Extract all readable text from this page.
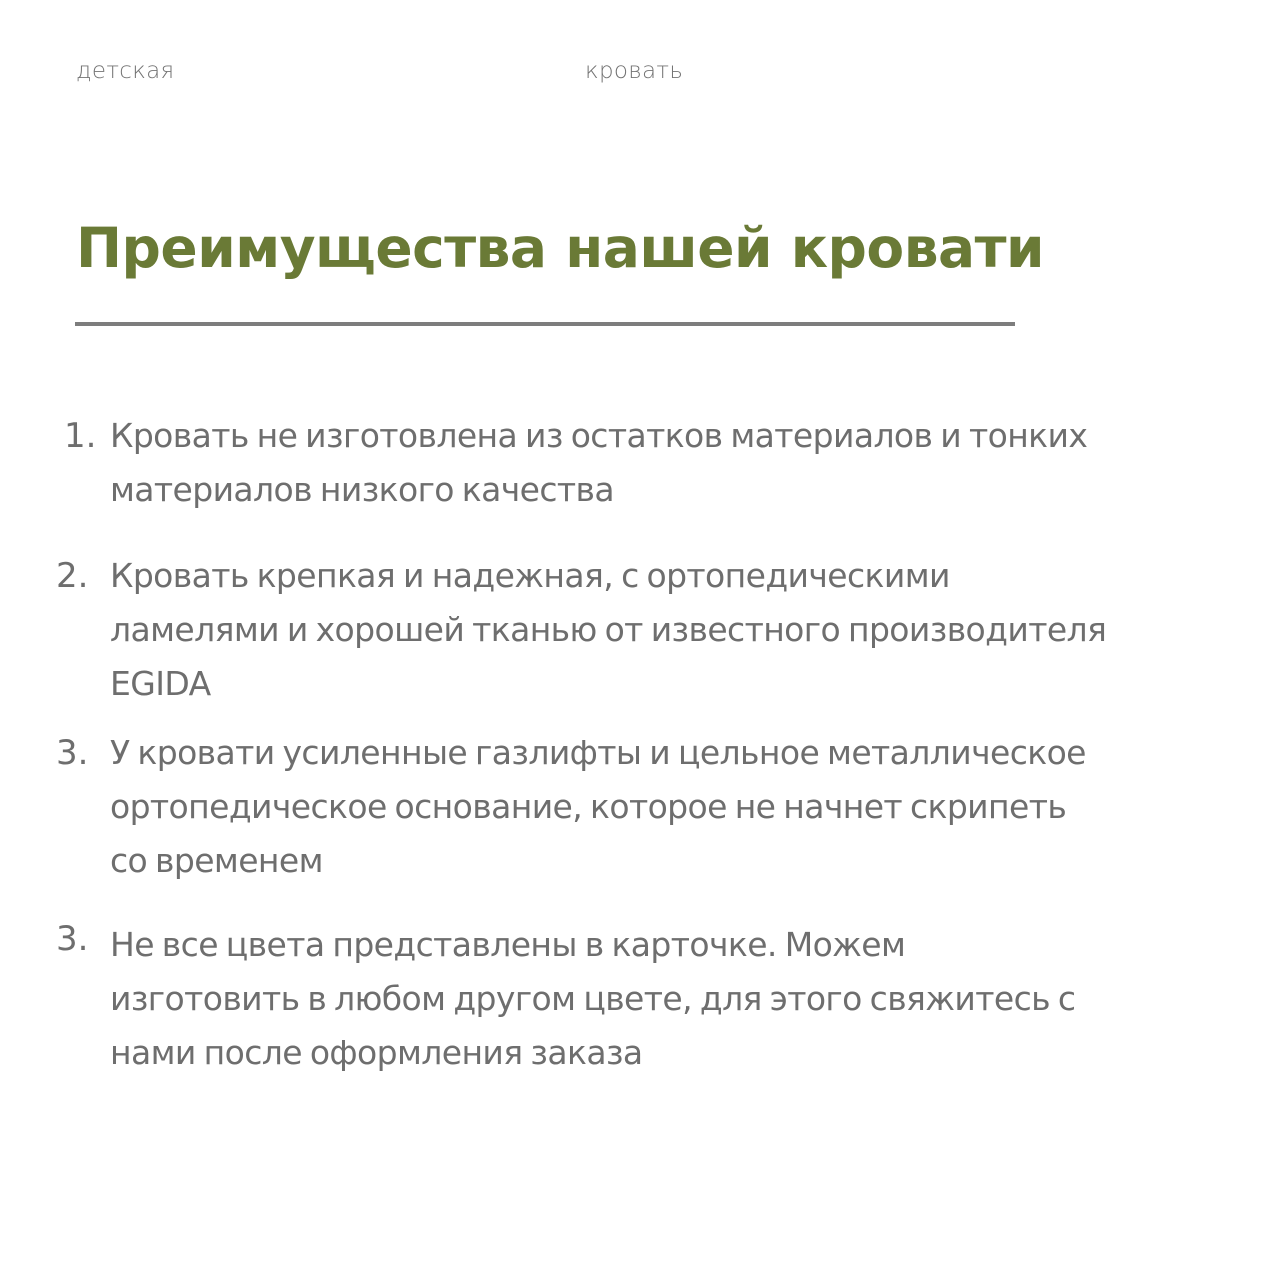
детская	кровать
Преимущества нашей кровати
1. Кровать не изготовлена из остатков материалов и тонких
материалов низкого качества
2. Кровать крепкая и надежная, с ортопедическими
ламелями и хорошей тканью от известного производителя
EGIDA
3. У кровати усиленные газлифты и цельное металлическое
ортопедическое основание, которое не начнет скрипеть
со временем
3. Не все цвета представлены в карточке. Можем
изготовить в любом другом цвете, для этого свяжитесь с
нами после оформления заказа
